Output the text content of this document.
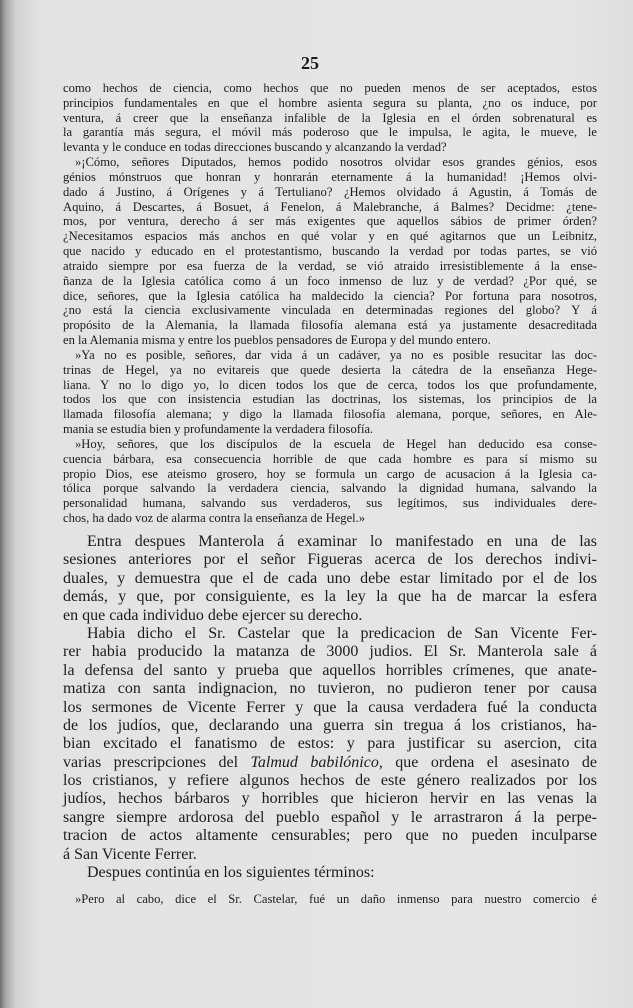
25
como hechos de ciencia, como hechos que no pueden menos de ser aceptados, estos
principios fundamentales en que el hombre asienta segura su planta, ¿no os induce, por
ventura, á creer que la enseñanza infalible de la Iglesia en el órden sobrenatural es
la garantía más segura, el móvil más poderoso que le impulsa, le agita, le mueve, le
levanta y le conduce en todas direcciones buscando y alcanzando la verdad?
»¡Cómo, señores Diputados, hemos podido nosotros olvidar esos grandes génios, esos
génios mónstruos que honran y honrarán eternamente á la humanidad! ¡Hemos olvi-
dado á Justino, á Orígenes y á Tertuliano? ¿Hemos olvidado á Agustin, á Tomás de
Aquino, á Descartes, á Bosuet, á Fenelon, á Malebranche, á Balmes? Decidme: ¿tene-
mos, por ventura, derecho á ser más exigentes que aquellos sábios de primer órden?
¿Necesitamos espacios más anchos en qué volar y en qué agitarnos que un Leibnitz,
que nacido y educado en el protestantismo, buscando la verdad por todas partes, se vió
atraido siempre por esa fuerza de la verdad, se vió atraido irresistiblemente á la ense-
ñanza de la Iglesia católica como á un foco inmenso de luz y de verdad? ¿Por qué, se
dice, señores, que la Iglesia católica ha maldecido la ciencia? Por fortuna para nosotros,
¿no está la ciencia exclusivamente vinculada en determinadas regiones del globo? Y á
propósito de la Alemania, la llamada filosofía alemana está ya justamente desacreditada
en la Alemania misma y entre los pueblos pensadores de Europa y del mundo entero.
»Ya no es posible, señores, dar vida á un cadáver, ya no es posible resucitar las doc-
trinas de Hegel, ya no evitareis que quede desierta la cátedra de la enseñanza Hege-
liana. Y no lo digo yo, lo dicen todos los que de cerca, todos los que profundamente,
todos los que con insistencia estudian las doctrinas, los sistemas, los principios de la
llamada filosofía alemana; y digo la llamada filosofía alemana, porque, señores, en Ale-
mania se estudia bien y profundamente la verdadera filosofía.
»Hoy, señores, que los discípulos de la escuela de Hegel han deducido esa conse-
cuencia bárbara, esa consecuencia horrible de que cada hombre es para sí mismo su
propio Dios, ese ateismo grosero, hoy se formula un cargo de acusacion á la Iglesia ca-
tólica porque salvando la verdadera ciencia, salvando la dignidad humana, salvando la
personalidad humana, salvando sus verdaderos, sus legítimos, sus individuales dere-
chos, ha dado voz de alarma contra la enseñanza de Hegel.»
Entra despues Manterola á examinar lo manifestado en una de las
sesiones anteriores por el señor Figueras acerca de los derechos indivi-
duales, y demuestra que el de cada uno debe estar limitado por el de los
demás, y que, por consiguiente, es la ley la que ha de marcar la esfera
en que cada individuo debe ejercer su derecho.
Habia dicho el Sr. Castelar que la predicacion de San Vicente Fer-
rer habia producido la matanza de 3000 judios. El Sr. Manterola sale á
la defensa del santo y prueba que aquellos horribles crímenes, que anate-
matiza con santa indignacion, no tuvieron, no pudieron tener por causa
los sermones de Vicente Ferrer y que la causa verdadera fué la conducta
de los judíos, que, declarando una guerra sin tregua á los cristianos, ha-
bian excitado el fanatismo de estos: y para justificar su asercion, cita
varias prescripciones del Talmud babilónico, que ordena el asesinato de
los cristianos, y refiere algunos hechos de este género realizados por los
judíos, hechos bárbaros y horribles que hicieron hervir en las venas la
sangre siempre ardorosa del pueblo español y le arrastraron á la perpe-
tracion de actos altamente censurables; pero que no pueden inculparse
á San Vicente Ferrer.
Despues continúa en los siguientes términos:
»Pero al cabo, dice el Sr. Castelar, fué un daño inmenso para nuestro comercio é
